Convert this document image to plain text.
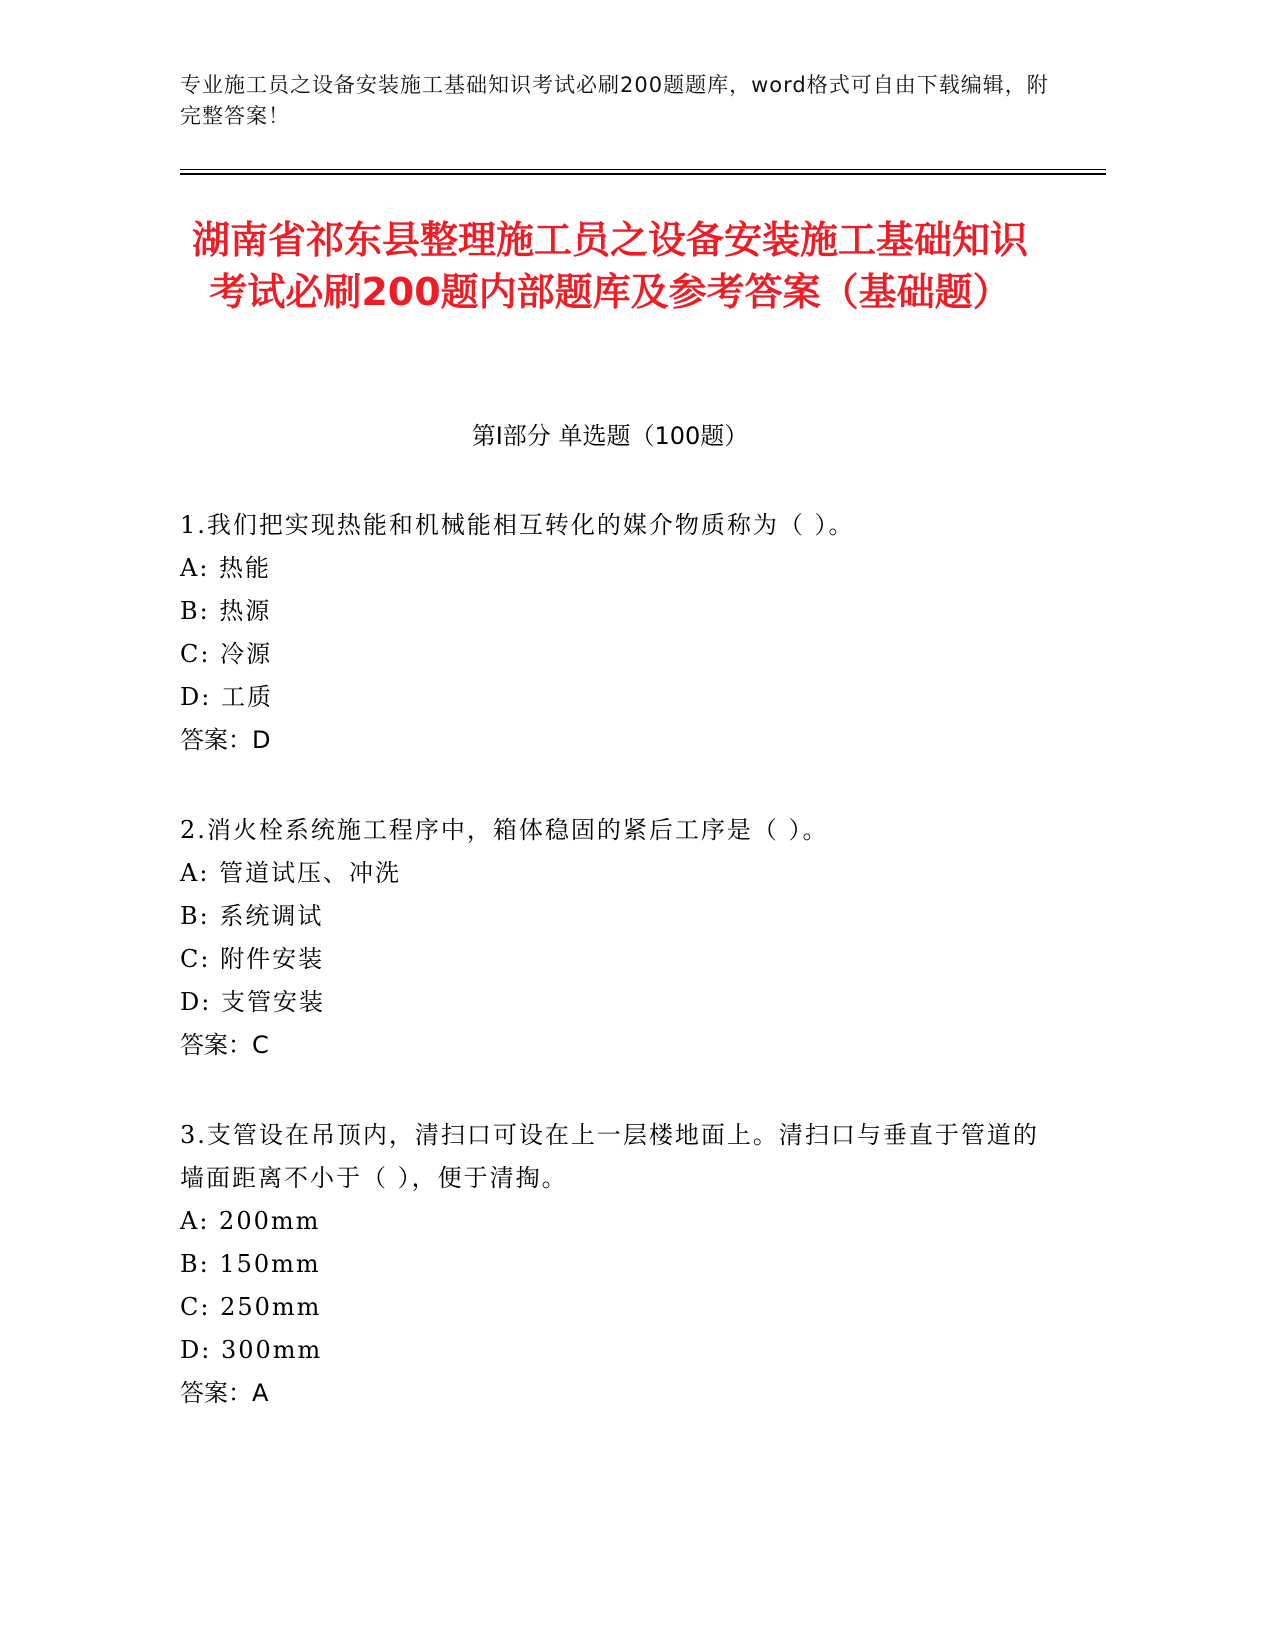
专业施工员之设备安装施工基础知识考试必刷200题题库，word格式可自由下载编辑，附完整答案！
湖南省祁东县整理施工员之设备安装施工基础知识考试必刷200题内部题库及参考答案（基础题）
第Ⅰ部分 单选题（100题）
1.我们把实现热能和机械能相互转化的媒介物质称为（ ）。
A: 热能
B: 热源
C: 冷源
D: 工质
答案：D
2.消火栓系统施工程序中，箱体稳固的紧后工序是（ ）。
A: 管道试压、冲洗
B: 系统调试
C: 附件安装
D: 支管安装
答案：C
3.支管设在吊顶内，清扫口可设在上一层楼地面上。清扫口与垂直于管道的墙面距离不小于（ ），便于清掏。
A: 200mm
B: 150mm
C: 250mm
D: 300mm
答案：A
